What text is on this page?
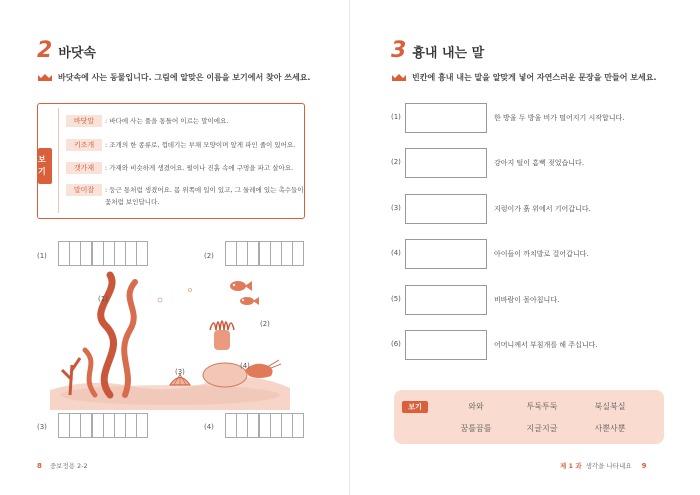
2 바닷속
바닷속에 사는 동물입니다. 그림에 알맞은 이름을 보기에서 찾아 쓰세요.
보기
바닷말	: 바다에 사는 풀을 통틀어 이르는 말이에요.
키조개	: 조개의 한 종류로, 껍데기는 부채 모양이며 앞게 파인 줄이 있어요.
갯가재	: 가재와 비슷하게 생겼어요. 펄이나 진흙 속에 구멍을 파고 살아요.
말미잘	: 둥근 통처럼 생겼어요. 몸 위쪽에 입이 있고, 그 둘레에 있는 촉수들이 꽃처럼 보인답니다.
(1)	(2)
(3)	(4)
(1)
(2)
(3)
(4)
8 중보정용 2-2
3 흉내 내는 말
빈칸에 흉내 내는 말을 알맞게 넣어 자연스러운 문장을 만들어 보세요.
(1)	한 방울 두 방울 비가 떨어지기 시작합니다.
(2)	강아지 털이 흠뻑 젖었습니다.
(3)	지렁이가 흙 위에서 기어갑니다.
(4)	아이들이 까치발로 걸어갑니다.
(5)	비바람이 몰아칩니다.
(6)	어머니께서 부침개를 해 주십니다.
보기	와와	투둑투둑	북실북실
꿈틀꿈틀	지글지글	사뿐사뿐
제 1 과 생각을 나타내요 9
